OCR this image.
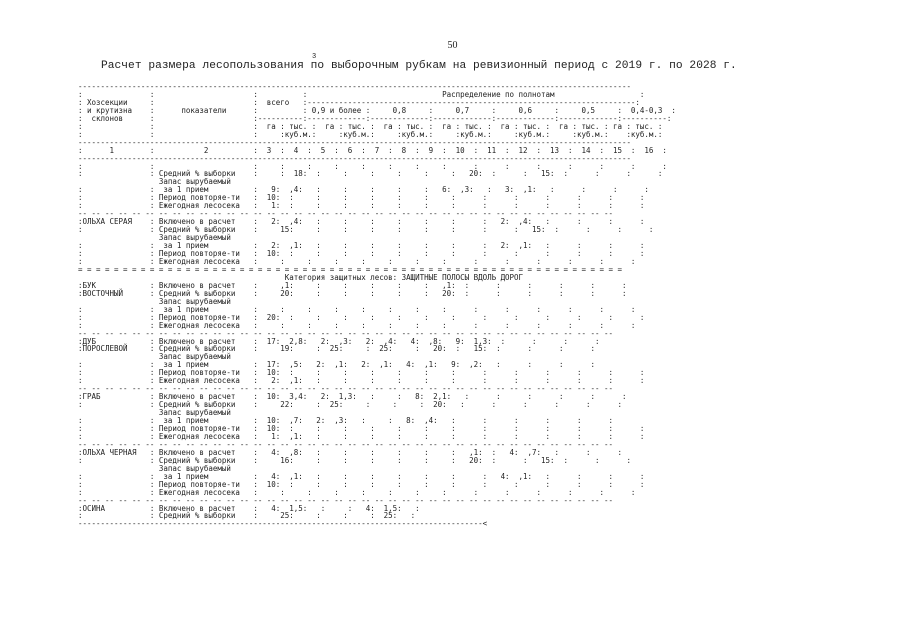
50
3
Расчет размера лесопользования по выборочным рубкам на ревизионный период с 2019 г. по 2028 г.
---------------------------------------------------------------------------------------------------------------------------
:               :                      :          :                              Распределение по полнотам                   :
: Хозсекции     :                      :  всего   :-------------------------------------------------------------------------:
: и крутизна    :      показатели      :          : 0,9 и более :     0,8     :     0,7     :     0,6     :     0,5     :  0,4-0,3  :
:  склонов      :                      :----------:-------------:-------------:-------------:-------------:-------------:----------:
:               :                      :  га : тыс. :  га : тыс. :  га : тыс. :  га : тыс. :  га : тыс. :  га : тыс. : га : тыс. :
:               :                      :     :куб.м.:     :куб.м.:     :куб.м.:     :куб.м.:     :куб.м.:     :куб.м.:    :куб.м.:
---------------------------------------------------------------------------------------------------------------------------
:      1        :           2          :  3  :  4  :  5  :  6  :  7  :  8  :  9  :  10  :  11  :  12  :  13  :  14  :  15  :  16  :
---------------------------------------------------------------------------------------------------------------------------
:               :                      :     :     :     :     :     :     :     :      :      :      :      :      :      :      :
:               : Средний % выборки    :     :  18:  :     :     :     :     :     :   20:  :      :   15:  :      :      :      :
Запас вырубаемый
:               :  за 1 прием          :   9:  ,4:   :     :     :     :     :   6:  ,3:   :   3:  ,1:   :      :      :      :
:               : Период повторяе-ти   :  10:  :     :     :     :     :     :     :      :      :      :      :      :      :
:               : Ежегодная лесосека   :   1:  :     :     :     :     :     :     :      :      :      :      :      :      :
-- -- -- -- -- -- -- -- -- -- -- -- -- -- -- -- -- -- -- -- -- -- -- -- -- -- -- -- -- -- -- -- -- -- -- -- -- -- -- --
:ОЛЬХА СЕРАЯ    : Включено в расчет    :   2:  ,4:   :     :     :     :     :     :      :   2:  ,4:   :      :      :      :
:               : Средний % выборки    :     15:     :     :     :     :     :     :      :      :   15:  :      :      :      :
Запас вырубаемый
:               :  за 1 прием          :   2:  ,1:   :     :     :     :     :     :      :   2:  ,1:   :      :      :      :
:               : Период повторяе-ти   :  10:  :     :     :     :     :     :     :      :      :      :      :      :      :
:               : Ежегодная лесосека   :     :     :     :     :     :     :     :      :      :      :      :      :      :
= = = = = = = = = = = = = = = = = = = = = = = = = = = = = = = = = = = = = = = = = = = = = = = = = = = = = = = = = = = = =
Категория защитных лесов: ЗАЩИТНЫЕ ПОЛОСЫ ВДОЛЬ ДОРОГ
:БУК            : Включено в расчет    :     ,1:     :     :     :     :     :   ,1:  :      :      :      :      :      :
:ВОСТОЧНЫЙ      : Средний % выборки    :     20:     :     :     :     :     :   20:  :      :      :      :      :      :
Запас вырубаемый
:               :  за 1 прием          :     :     :     :     :     :     :     :      :      :      :      :      :      :
:               : Период повторяе-ти   :  20:  :     :     :     :     :     :     :      :      :      :      :      :      :
:               : Ежегодная лесосека   :     :     :     :     :     :     :     :      :      :      :      :      :      :
-- -- -- -- -- -- -- -- -- -- -- -- -- -- -- -- -- -- -- -- -- -- -- -- -- -- -- -- -- -- -- -- -- -- -- -- -- -- -- --
:ДУБ            : Включено в расчет    :  17:  2,8:   2:  ,3:   2:  ,4:   4:  ,8:   9:  1,3:  :      :      :      :
:ПОРОСЛЕВОЙ     : Средний % выборки    :     19:     :  25:     :  25:     :   20:  :   15:  :      :      :      :
Запас вырубаемый
:               :  за 1 прием          :  17:  ,5:   2:  ,1:   2:  ,1:   4:  ,1:   9:  ,2:   :      :      :      :
:               : Период повторяе-ти   :  10:  :     :     :     :     :     :     :      :      :      :      :      :      :
:               : Ежегодная лесосека   :   2:  ,1:   :     :     :     :     :     :      :      :      :      :      :      :
-- -- -- -- -- -- -- -- -- -- -- -- -- -- -- -- -- -- -- -- -- -- -- -- -- -- -- -- -- -- -- -- -- -- -- -- -- -- -- --
:ГРАБ           : Включено в расчет    :  10:  3,4:   2:  1,3:   :     :   8:  2,1:   :      :      :      :      :      :
:               : Средний % выборки    :     22:     :  25:     :     :     :  20:   :      :      :      :      :      :
Запас вырубаемый
:               :  за 1 прием          :  10:  ,7:   2:  ,3:   :     :   8:  ,4:   :      :      :      :      :      :
:               : Период повторяе-ти   :  10:  :     :     :     :     :     :     :      :      :      :      :      :      :
:               : Ежегодная лесосека   :   1:  ,1:   :     :     :     :     :     :      :      :      :      :      :      :
-- -- -- -- -- -- -- -- -- -- -- -- -- -- -- -- -- -- -- -- -- -- -- -- -- -- -- -- -- -- -- -- -- -- -- -- -- -- -- --
:ОЛЬХА ЧЕРНАЯ   : Включено в расчет    :   4:  ,8:   :     :     :     :     :     :   ,1:  :   4:  ,7:   :      :      :
:               : Средний % выборки    :     16:     :     :     :     :     :     :   20:  :      :   15:  :      :      :
Запас вырубаемый
:               :  за 1 прием          :   4:  ,1:   :     :     :     :     :     :      :   4:  ,1:   :      :      :      :
:               : Период повторяе-ти   :  10:  :     :     :     :     :     :     :      :      :      :      :      :      :
:               : Ежегодная лесосека   :     :     :     :     :     :     :     :      :      :      :      :      :      :
-- -- -- -- -- -- -- -- -- -- -- -- -- -- -- -- -- -- -- -- -- -- -- -- -- -- -- -- -- -- -- -- -- -- -- -- -- -- -- --
:ОСИНА          : Включено в расчет    :   4:  1,5:   :     :   4:  1,5:   :
:               : Средний % выборки    :     25:     :     :     :  25:   :
------------------------------------------------------------------------------------------<
